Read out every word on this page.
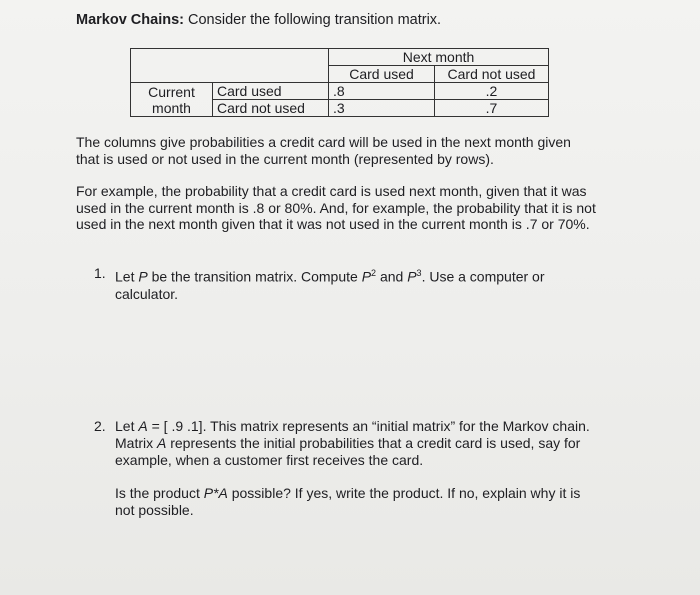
Markov Chains: Consider the following transition matrix.
		Next month	
		Card used	Card not used
Current
month	Card used	.8	.2
	Card not used	.3	.7
The columns give probabilities a credit card will be used in the next month given that is used or not used in the current month (represented by rows).
For example, the probability that a credit card is used next month, given that it was used in the current month is .8 or 80%. And, for example, the probability that it is not used in the next month given that it was not used in the current month is .7 or 70%.
1. Let P be the transition matrix. Compute $P^2$ and $P^3$. Use a computer or calculator.
2. Let A = [ .9 .1]. This matrix represents an “initial matrix” for the Markov chain. Matrix A represents the initial probabilities that a credit card is used, say for example, when a customer first receives the card.
Is the product P*A possible? If yes, write the product. If no, explain why it is not possible.
